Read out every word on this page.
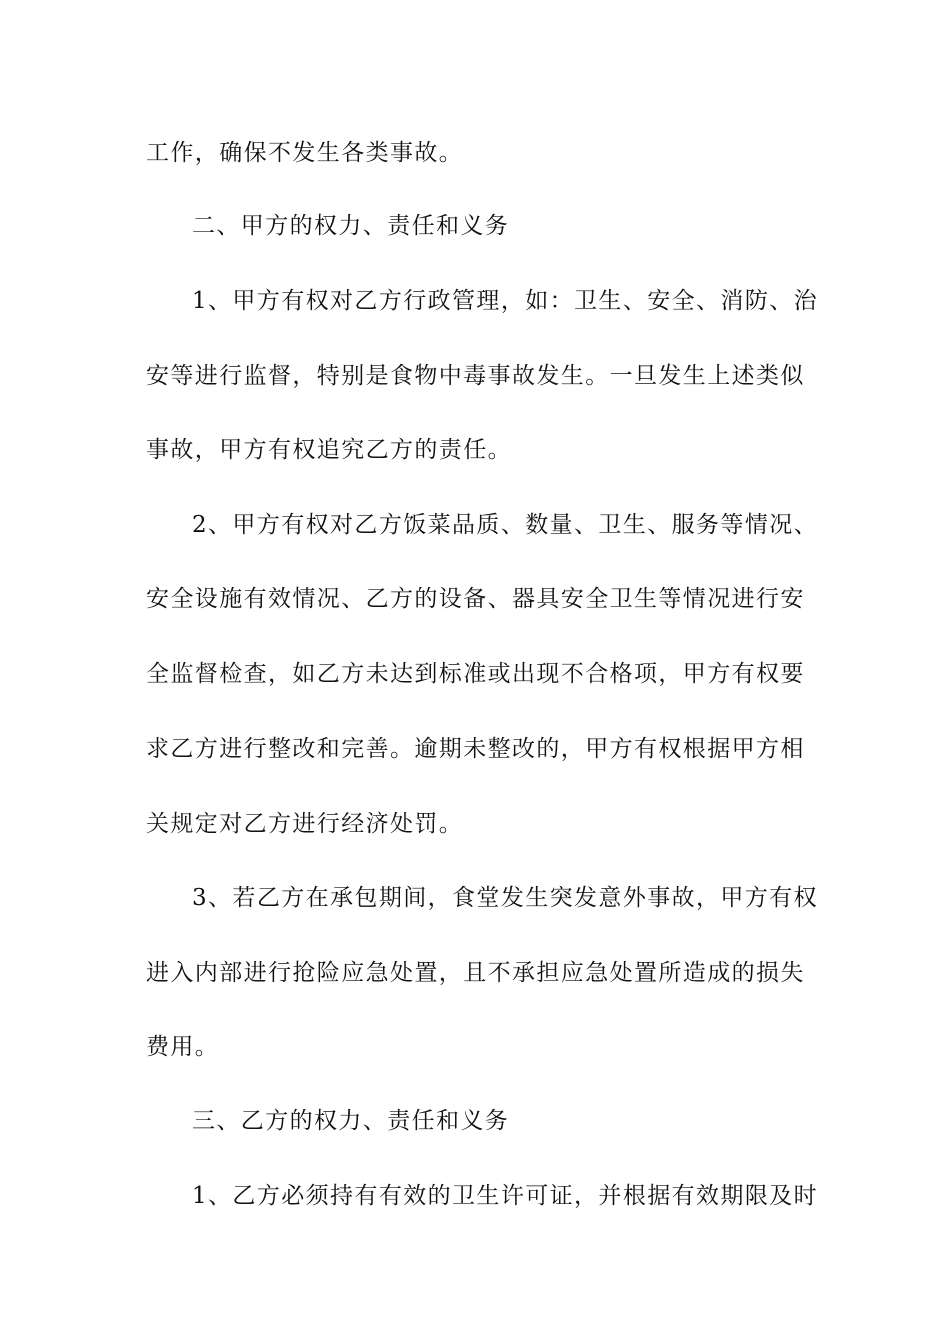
工作，确保不发生各类事故。
二、甲方的权力、责任和义务
1、甲方有权对乙方行政管理，如：卫生、安全、消防、治
安等进行监督，特别是食物中毒事故发生。一旦发生上述类似
事故，甲方有权追究乙方的责任。
2、甲方有权对乙方饭菜品质、数量、卫生、服务等情况、
安全设施有效情况、乙方的设备、器具安全卫生等情况进行安
全监督检查，如乙方未达到标准或出现不合格项，甲方有权要
求乙方进行整改和完善。逾期未整改的，甲方有权根据甲方相
关规定对乙方进行经济处罚。
3、若乙方在承包期间，食堂发生突发意外事故，甲方有权
进入内部进行抢险应急处置，且不承担应急处置所造成的损失
费用。
三、乙方的权力、责任和义务
1、乙方必须持有有效的卫生许可证，并根据有效期限及时
